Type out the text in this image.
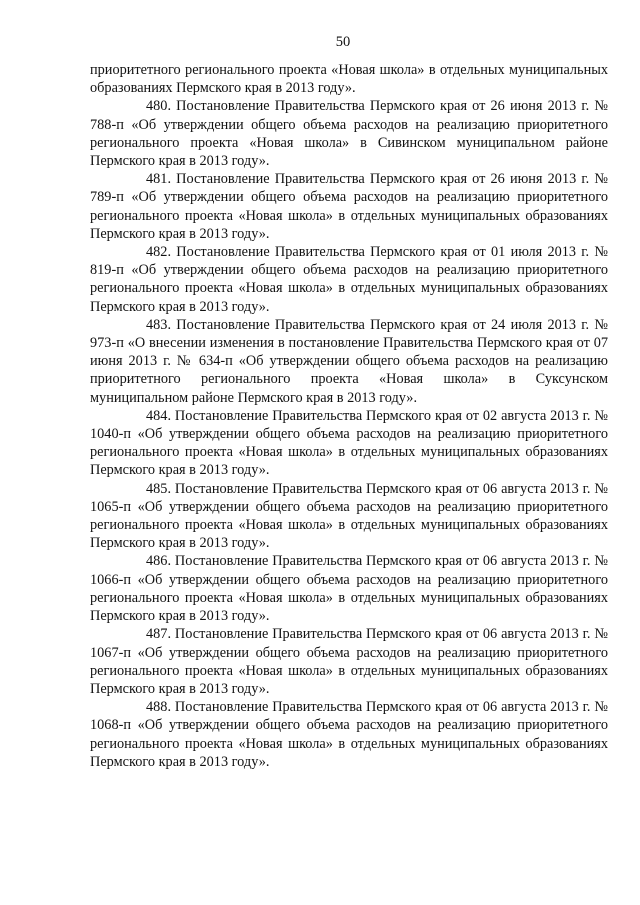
50

приоритетного регионального проекта «Новая школа» в отдельных муниципальных образованиях Пермского края в 2013 году».

480. Постановление Правительства Пермского края от 26 июня 2013 г. № 788-п «Об утверждении общего объема расходов на реализацию приоритетного регионального проекта «Новая школа» в Сивинском муниципальном районе Пермского края в 2013 году».

481. Постановление Правительства Пермского края от 26 июня 2013 г. № 789-п «Об утверждении общего объема расходов на реализацию приоритетного регионального проекта «Новая школа» в отдельных муниципальных образованиях Пермского края в 2013 году».

482. Постановление Правительства Пермского края от 01 июля 2013 г. № 819-п «Об утверждении общего объема расходов на реализацию приоритетного регионального проекта «Новая школа» в отдельных муниципальных образованиях Пермского края в 2013 году».

483. Постановление Правительства Пермского края от 24 июля 2013 г. № 973-п «О внесении изменения в постановление Правительства Пермского края от 07 июня 2013 г. № 634-п «Об утверждении общего объема расходов на реализацию приоритетного регионального проекта «Новая школа» в Суксунском муниципальном районе Пермского края в 2013 году».

484. Постановление Правительства Пермского края от 02 августа 2013 г. № 1040-п «Об утверждении общего объема расходов на реализацию приоритетного регионального проекта «Новая школа» в отдельных муниципальных образованиях Пермского края в 2013 году».

485. Постановление Правительства Пермского края от 06 августа 2013 г. № 1065-п «Об утверждении общего объема расходов на реализацию приоритетного регионального проекта «Новая школа» в отдельных муниципальных образованиях Пермского края в 2013 году».

486. Постановление Правительства Пермского края от 06 августа 2013 г. № 1066-п «Об утверждении общего объема расходов на реализацию приоритетного регионального проекта «Новая школа» в отдельных муниципальных образованиях Пермского края в 2013 году».

487. Постановление Правительства Пермского края от 06 августа 2013 г. № 1067-п «Об утверждении общего объема расходов на реализацию приоритетного регионального проекта «Новая школа» в отдельных муниципальных образованиях Пермского края в 2013 году».

488. Постановление Правительства Пермского края от 06 августа 2013 г. № 1068-п «Об утверждении общего объема расходов на реализацию приоритетного регионального проекта «Новая школа» в отдельных муниципальных образованиях Пермского края в 2013 году».
